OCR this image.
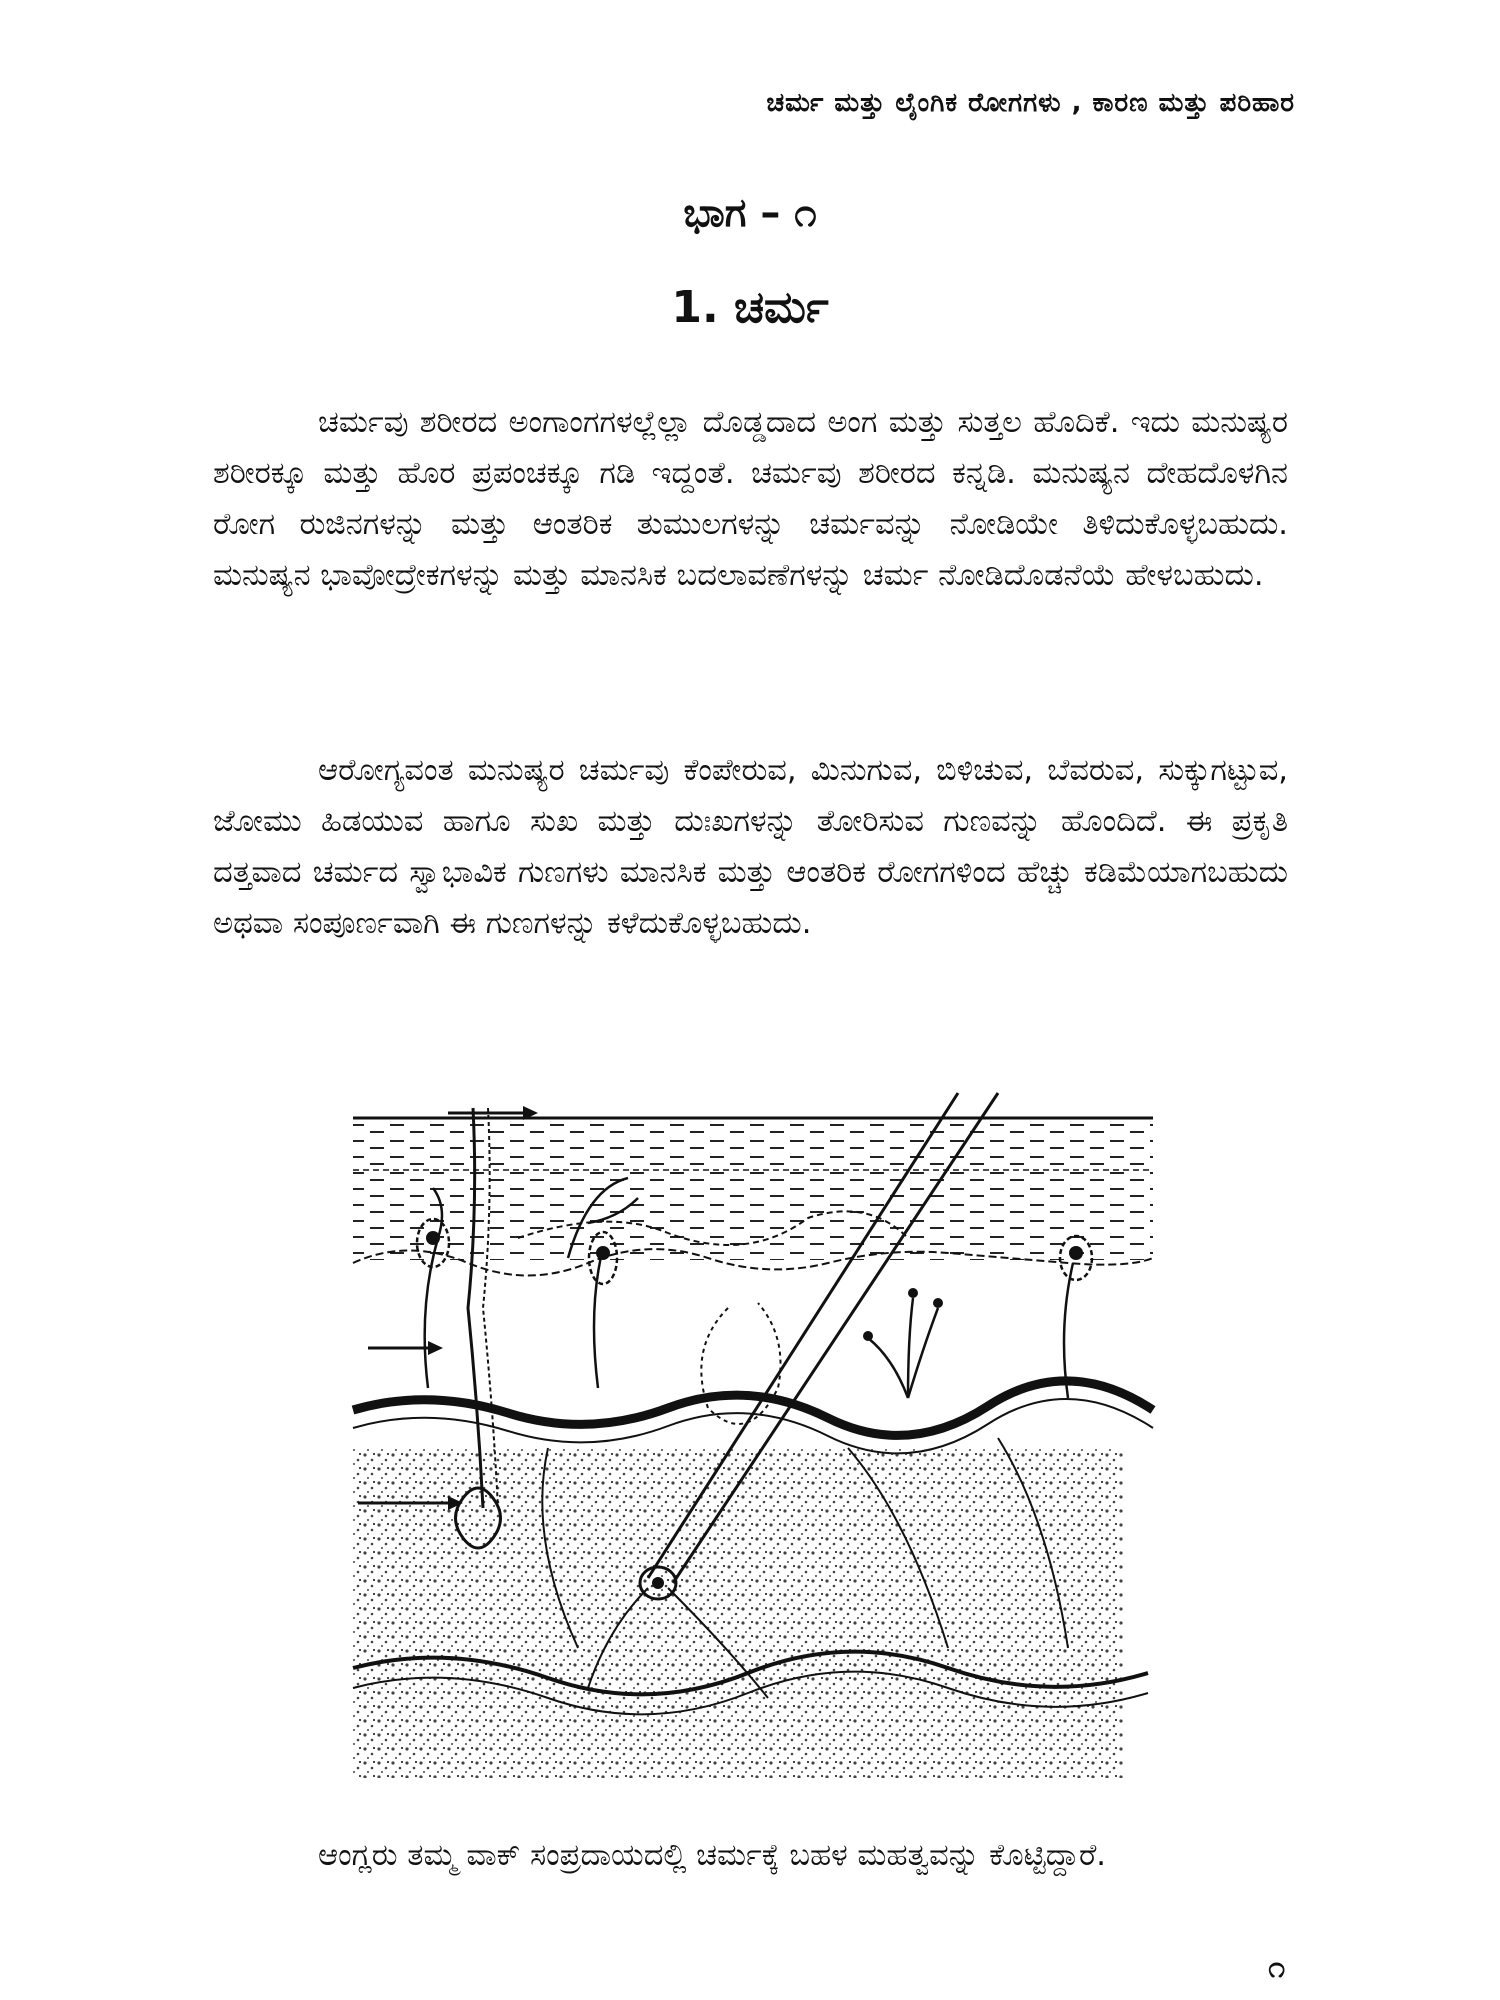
ಚರ್ಮ ಮತ್ತು ಲೈಂಗಿಕ ರೋಗಗಳು , ಕಾರಣ ಮತ್ತು ಪರಿಹಾರ
ಭಾಗ – ೧
1. ಚರ್ಮ

ಚರ್ಮವು ಶರೀರದ ಅಂಗಾಂಗಗಳಲ್ಲೆಲ್ಲಾ ದೊಡ್ಡದಾದ ಅಂಗ ಮತ್ತು ಸುತ್ತಲ ಹೊದಿಕೆ. ಇದು ಮನುಷ್ಯರ ಶರೀರಕ್ಕೂ ಮತ್ತು ಹೊರ ಪ್ರಪಂಚಕ್ಕೂ ಗಡಿ ಇದ್ದಂತೆ. ಚರ್ಮವು ಶರೀರದ ಕನ್ನಡಿ. ಮನುಷ್ಯನ ದೇಹದೊಳಗಿನ ರೋಗ ರುಜಿನಗಳನ್ನು ಮತ್ತು ಆಂತರಿಕ ತುಮುಲಗಳನ್ನು ಚರ್ಮವನ್ನು ನೋಡಿಯೇ ತಿಳಿದುಕೊಳ್ಳಬಹುದು. ಮನುಷ್ಯನ ಭಾವೋದ್ರೇಕಗಳನ್ನು ಮತ್ತು ಮಾನಸಿಕ ಬದಲಾವಣೆಗಳನ್ನು ಚರ್ಮ ನೋಡಿದೊಡನೆಯೆ ಹೇಳಬಹುದು.

ಆರೋಗ್ಯವಂತ ಮನುಷ್ಯರ ಚರ್ಮವು ಕೆಂಪೇರುವ, ಮಿನುಗುವ, ಬಿಳಿಚುವ, ಬೆವರುವ, ಸುಕ್ಕುಗಟ್ಟುವ, ಜೋಮು ಹಿಡಯುವ ಹಾಗೂ ಸುಖ ಮತ್ತು ದುಃಖಗಳನ್ನು ತೋರಿಸುವ ಗುಣವನ್ನು ಹೊಂದಿದೆ. ಈ ಪ್ರಕೃತಿ ದತ್ತವಾದ ಚರ್ಮದ ಸ್ವಾಭಾವಿಕ ಗುಣಗಳು ಮಾನಸಿಕ ಮತ್ತು ಆಂತರಿಕ ರೋಗಗಳಿಂದ ಹೆಚ್ಚು ಕಡಿಮೆಯಾಗಬಹುದು ಅಥವಾ ಸಂಪೂರ್ಣವಾಗಿ ಈ ಗುಣಗಳನ್ನು ಕಳೆದುಕೊಳ್ಳಬಹುದು.

ಆಂಗ್ಲರು ತಮ್ಮ ವಾಕ್ ಸಂಪ್ರದಾಯದಲ್ಲಿ ಚರ್ಮಕ್ಕೆ ಬಹಳ ಮಹತ್ವವನ್ನು ಕೊಟ್ಟಿದ್ದಾರೆ.

೧
